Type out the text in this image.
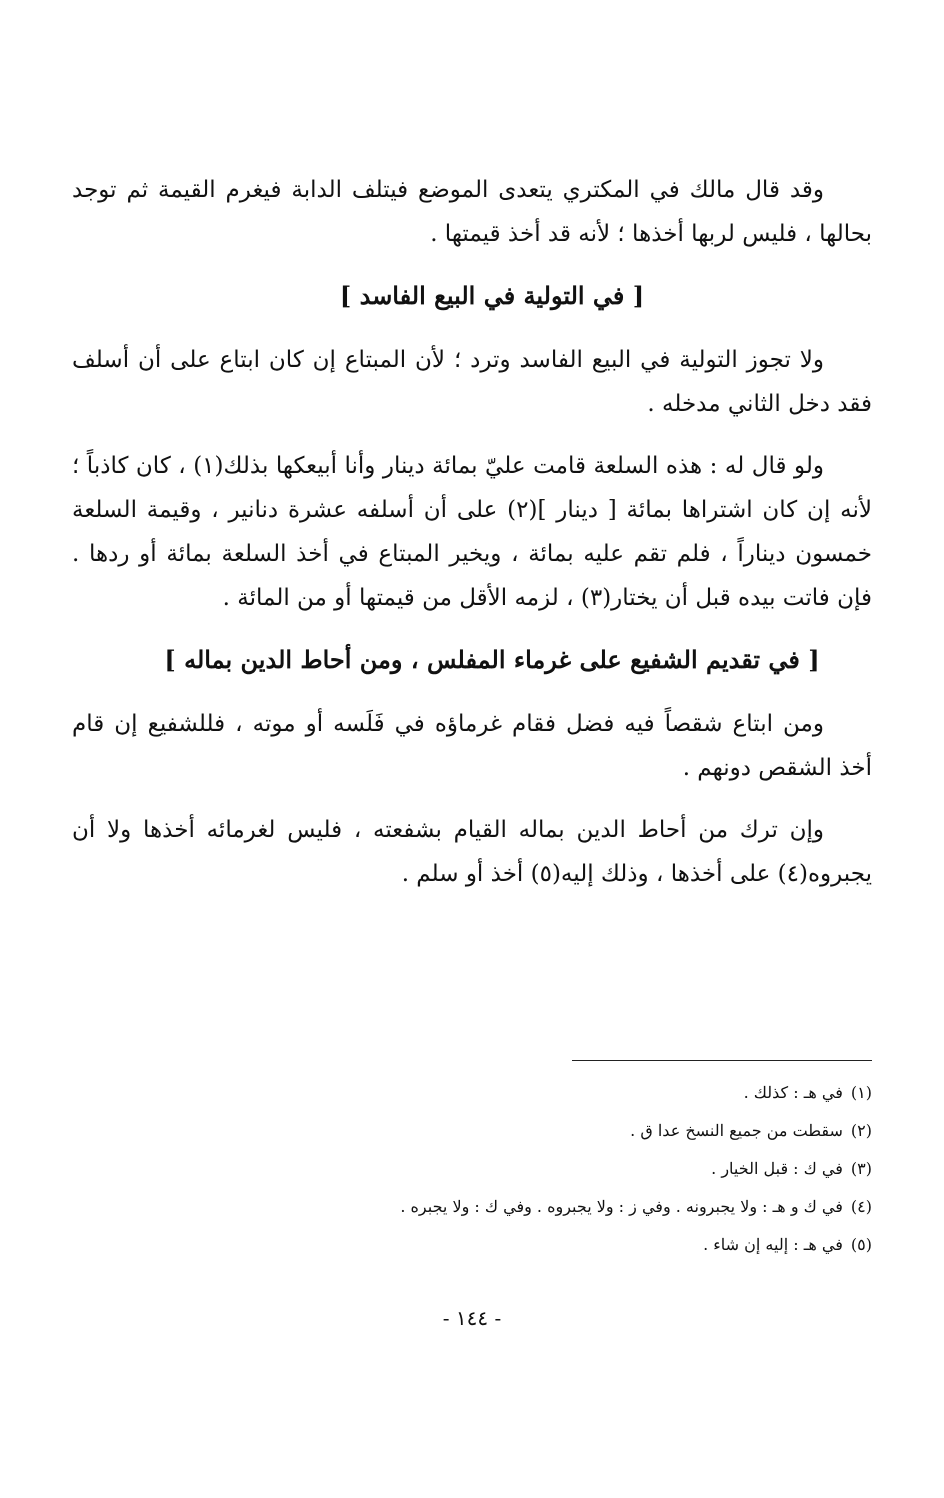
وقد قال مالك في المكتري يتعدى الموضع فيتلف الدابة فيغرم القيمة ثم توجد بحالها ، فليس لربها أخذها ؛ لأنه قد أخذ قيمتها .

[ في التولية في البيع الفاسد ]

ولا تجوز التولية في البيع الفاسد وترد ؛ لأن المبتاع إن كان ابتاع على أن أسلف فقد دخل الثاني مدخله .

ولو قال له : هذه السلعة قامت عليّ بمائة دينار وأنا أبيعكها بذلك(١) ، كان كاذباً ؛ لأنه إن كان اشتراها بمائة [ دينار ](٢) على أن أسلفه عشرة دنانير ، وقيمة السلعة خمسون ديناراً ، فلم تقم عليه بمائة ، ويخير المبتاع في أخذ السلعة بمائة أو ردها . فإن فاتت بيده قبل أن يختار(٣) ، لزمه الأقل من قيمتها أو من المائة .

[ في تقديم الشفيع على غرماء المفلس ، ومن أحاط الدين بماله ]

ومن ابتاع شقصاً فيه فضل فقام غرماؤه في فَلَسه أو موته ، فللشفيع إن قام أخذ الشقص دونهم .

وإن ترك من أحاط الدين بماله القيام بشفعته ، فليس لغرمائه أخذها ولا أن يجبروه(٤) على أخذها ، وذلك إليه(٥) أخذ أو سلم .

(١)في هـ : كذلك .
(٢)سقطت من جميع النسخ عدا ق .
(٣)في ك : قبل الخيار .
(٤)في ك و هـ : ولا يجبرونه . وفي ز : ولا يجبروه . وفي ك : ولا يجبره .
(٥)في هـ : إليه إن شاء .
- ١٤٤ -
